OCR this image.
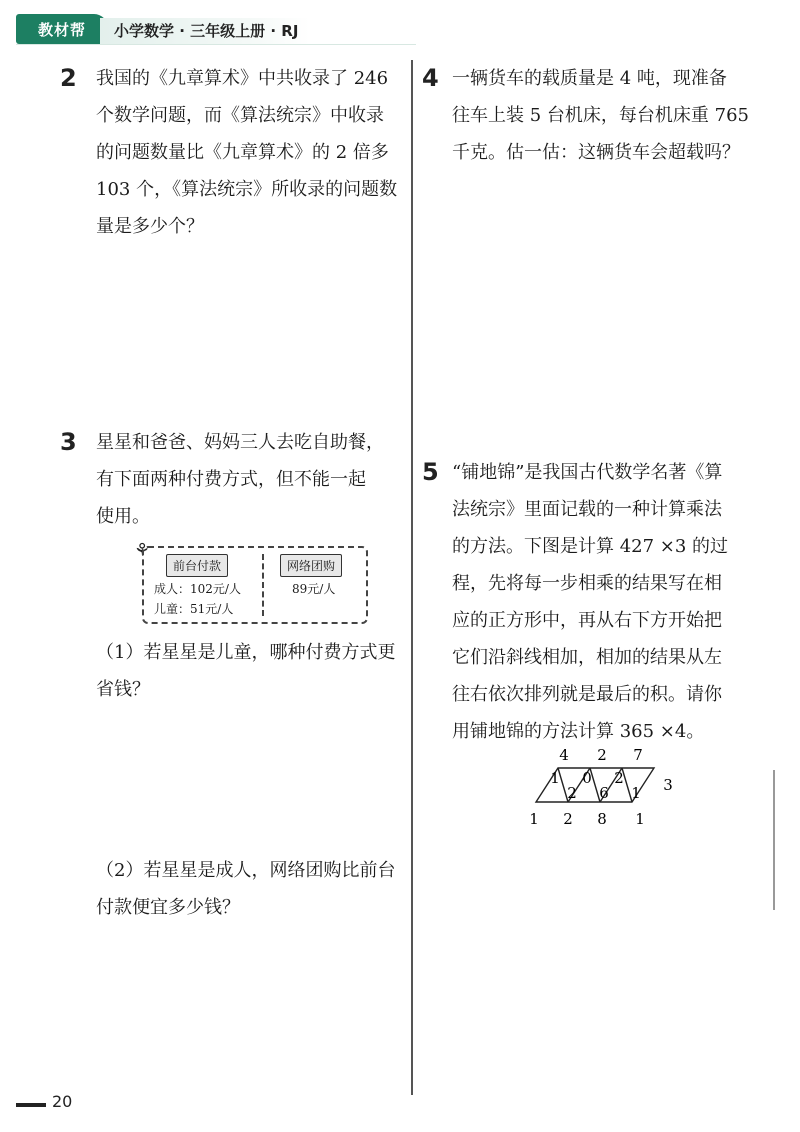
教材帮	小学数学 · 三年级上册 · RJ
2 我国的《九章算术》中共收录了 246
个数学问题，而《算法统宗》中收录
的问题数量比《九章算术》的 2 倍多
103 个，《算法统宗》所收录的问题数
量是多少个？
3 星星和爸爸、妈妈三人去吃自助餐，
有下面两种付费方式，但不能一起
使用。
⚘
前台付款
成人：102元/人
儿童：51元/人
网络团购
89元/人
（1）若星星是儿童，哪种付费方式更
省钱？
（2）若星星是成人，网络团购比前台
付款便宜多少钱？
4 一辆货车的载质量是 4 吨，现准备
往车上装 5 台机床，每台机床重 765
千克。估一估：这辆货车会超载吗？
5 “铺地锦”是我国古代数学名著《算
法统宗》里面记载的一种计算乘法
的方法。下图是计算 427 ×3 的过
程，先将每一步相乘的结果写在相
应的正方形中，再从右下方开始把
它们沿斜线相加，相加的结果从左
往右依次排列就是最后的积。请你
用铺地锦的方法计算 365 ×4。
4 2 7
1
2
0
6
2
1 3
1 2 8 1
20
